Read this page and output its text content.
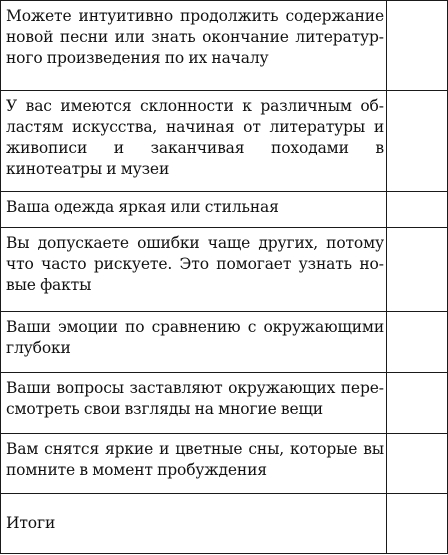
Можете интуитивно продолжить содержание новой песни или знать окончание литературного произведения по их началу
У вас имеются склонности к различным областям искусства, начиная от литературы и живописи и заканчивая походами в кинотеатры и музеи
Ваша одежда яркая или стильная
Вы допускаете ошибки чаще других, потому что часто рискуете. Это помогает узнать новые факты
Ваши эмоции по сравнению с окружающими глубоки
Ваши вопросы заставляют окружающих пересмотреть свои взгляды на многие вещи
Вам снятся яркие и цветные сны, которые вы помните в момент пробуждения
Итоги
